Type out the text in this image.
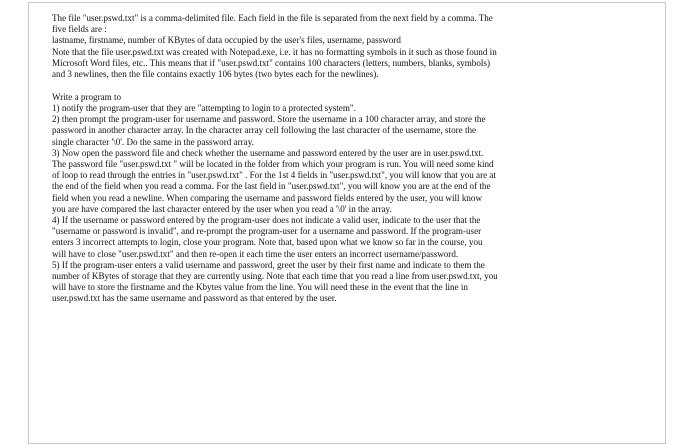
The file "user.pswd.txt" is a comma-delimited file. Each field in the file is separated from the next field by a comma. The
five fields are :
lastname, firstname, number of KBytes of data occupied by the user's files, username, password
Note that the file user.pswd.txt was created with Notepad.exe, i.e. it has no formatting symbols in it such as those found in
Microsoft Word files, etc.. This means that if "user.pswd.txt" contains 100 characters (letters, numbers, blanks, symbols)
and 3 newlines, then the file contains exactly 106 bytes (two bytes each for the newlines).
Write a program to
1) notify the program-user that they are "attempting to login to a protected system".
2) then prompt the program-user for username and password. Store the username in a 100 character array, and store the
password in another character array. In the character array cell following the last character of the username, store the
single character '\0'. Do the same in the password array.
3) Now open the password file and check whether the username and password entered by the user are in user.pswd.txt.
The password file "user.pswd.txt " will be located in the folder from which your program is run. You will need some kind
of loop to read through the entries in "user.pswd.txt" . For the 1st 4 fields in "user.pswd.txt", you will know that you are at
the end of the field when you read a comma. For the last field in "user.pswd.txt", you will know you are at the end of the
field when you read a newline. When comparing the username and password fields entered by the user, you will know
you are have compared the last character entered by the user when you read a '\0' in the array.
4) If the username or password entered by the program-user does not indicate a valid user, indicate to the user that the
"username or password is invalid", and re-prompt the program-user for a username and password. If the program-user
enters 3 incorrect attempts to login, close your program. Note that, based upon what we know so far in the course, you
will have to close "user.pswd.txt" and then re-open it each time the user enters an incorrect username/password.
5) If the program-user enters a valid username and password, greet the user by their first name and indicate to them the
number of KBytes of storage that they are currently using. Note that each time that you read a line from user.pswd.txt, you
will have to store the firstname and the Kbytes value from the line. You will need these in the event that the line in
user.pswd.txt has the same username and password as that entered by the user.
